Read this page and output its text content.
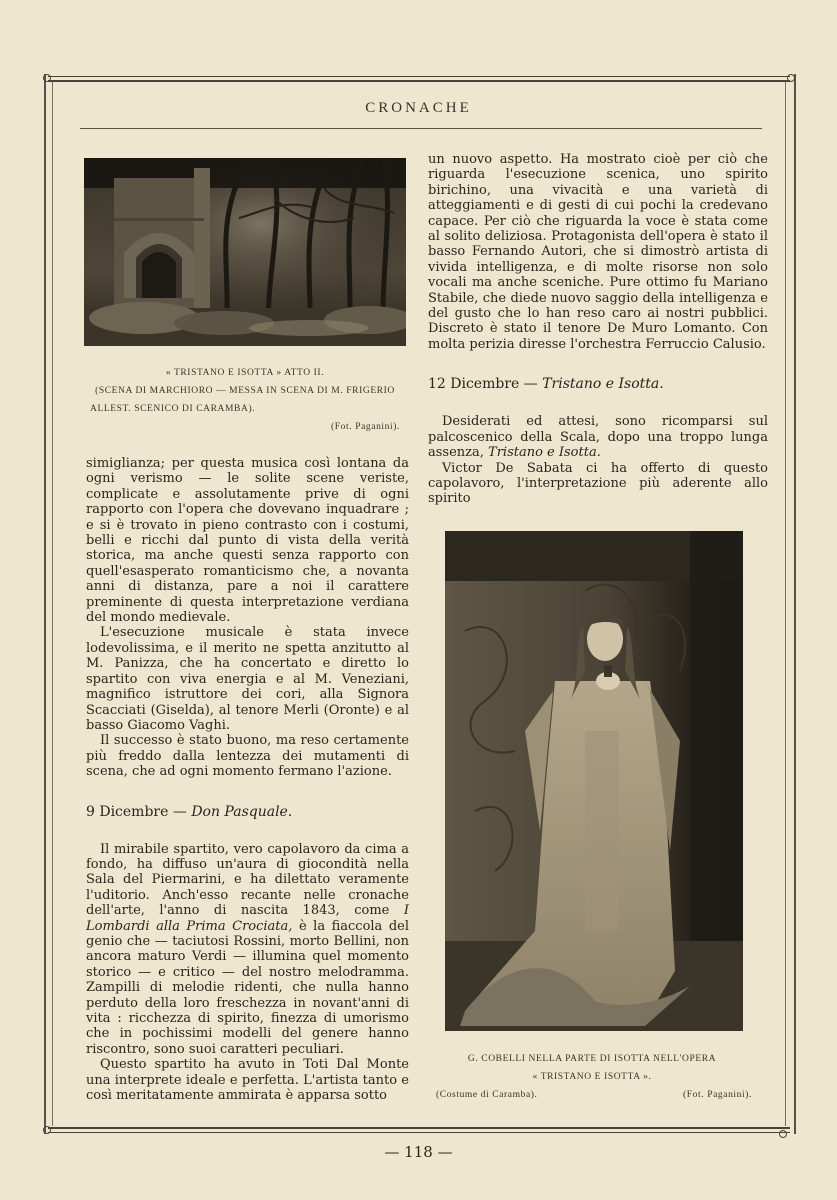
CRONACHE
« TRISTANO E ISOTTA » ATTO II.
(SCENA DI MARCHIORO — MESSA IN SCENA DI M. FRIGERIO
ALLEST. SCENICO DI CARAMBA).
(Fot. Paganini).

simiglianza; per questa musica così lontana da ogni verismo — le solite scene veriste, complicate e assolutamente prive di ogni rapporto con l'opera che dovevano inquadrare ; e si è trovato in pieno contrasto con i costumi, belli e ricchi dal punto di vista della verità storica, ma anche questi senza rapporto con quell'esasperato romanticismo che, a novanta anni di distanza, pare a noi il carattere preminente di questa interpretazione verdiana del mondo medievale.

L'esecuzione musicale è stata invece lodevolissima, e il merito ne spetta anzitutto al M. Panizza, che ha concertato e diretto lo spartito con viva energia e al M. Veneziani, magnifico istruttore dei cori, alla Signora Scacciati (Giselda), al tenore Merli (Oronte) e al basso Giacomo Vaghi.

Il successo è stato buono, ma reso certamente più freddo dalla lentezza dei mutamenti di scena, che ad ogni momento fermano l'azione.

9 Dicembre — Don Pasquale.

Il mirabile spartito, vero capolavoro da cima a fondo, ha diffuso un'aura di giocondità nella Sala del Piermarini, e ha dilettato veramente l'uditorio. Anch'esso recante nelle cronache dell'arte, l'anno di nascita 1843, come I Lombardi alla Prima Crociata, è la fiaccola del genio che — taciutosi Rossini, morto Bellini, non ancora maturo Verdi — illumina quel momento storico — e critico — del nostro melodramma. Zampilli di melodie ridenti, che nulla hanno perduto della loro freschezza in novant'anni di vita : ricchezza di spirito, finezza di umorismo che in pochissimi modelli del genere hanno riscontro, sono suoi caratteri peculiari.

Questo spartito ha avuto in Toti Dal Monte una interprete ideale e perfetta. L'artista tanto e così meritatamente ammirata è apparsa sotto

un nuovo aspetto. Ha mostrato cioè per ciò che riguarda l'esecuzione scenica, uno spirito birichino, una vivacità e una varietà di atteggiamenti e di gesti di cui pochi la credevano capace. Per ciò che riguarda la voce è stata come al solito deliziosa. Protagonista dell'opera è stato il basso Fernando Autori, che si dimostrò artista di vivida intelligenza, e di molte risorse non solo vocali ma anche sceniche. Pure ottimo fu Mariano Stabile, che diede nuovo saggio della intelligenza e del gusto che lo han reso caro ai nostri pubblici. Discreto è stato il tenore De Muro Lomanto. Con molta perizia diresse l'orchestra Ferruccio Calusio.

12 Dicembre — Tristano e Isotta.

Desiderati ed attesi, sono ricomparsi sul palcoscenico della Scala, dopo una troppo lunga assenza, Tristano e Isotta.

Victor De Sabata ci ha offerto di questo capolavoro, l'interpretazione più aderente allo spirito

G. COBELLI NELLA PARTE DI ISOTTA NELL'OPERA
« TRISTANO E ISOTTA ».
(Costume di Caramba).	(Fot. Paganini).
— 118 —
